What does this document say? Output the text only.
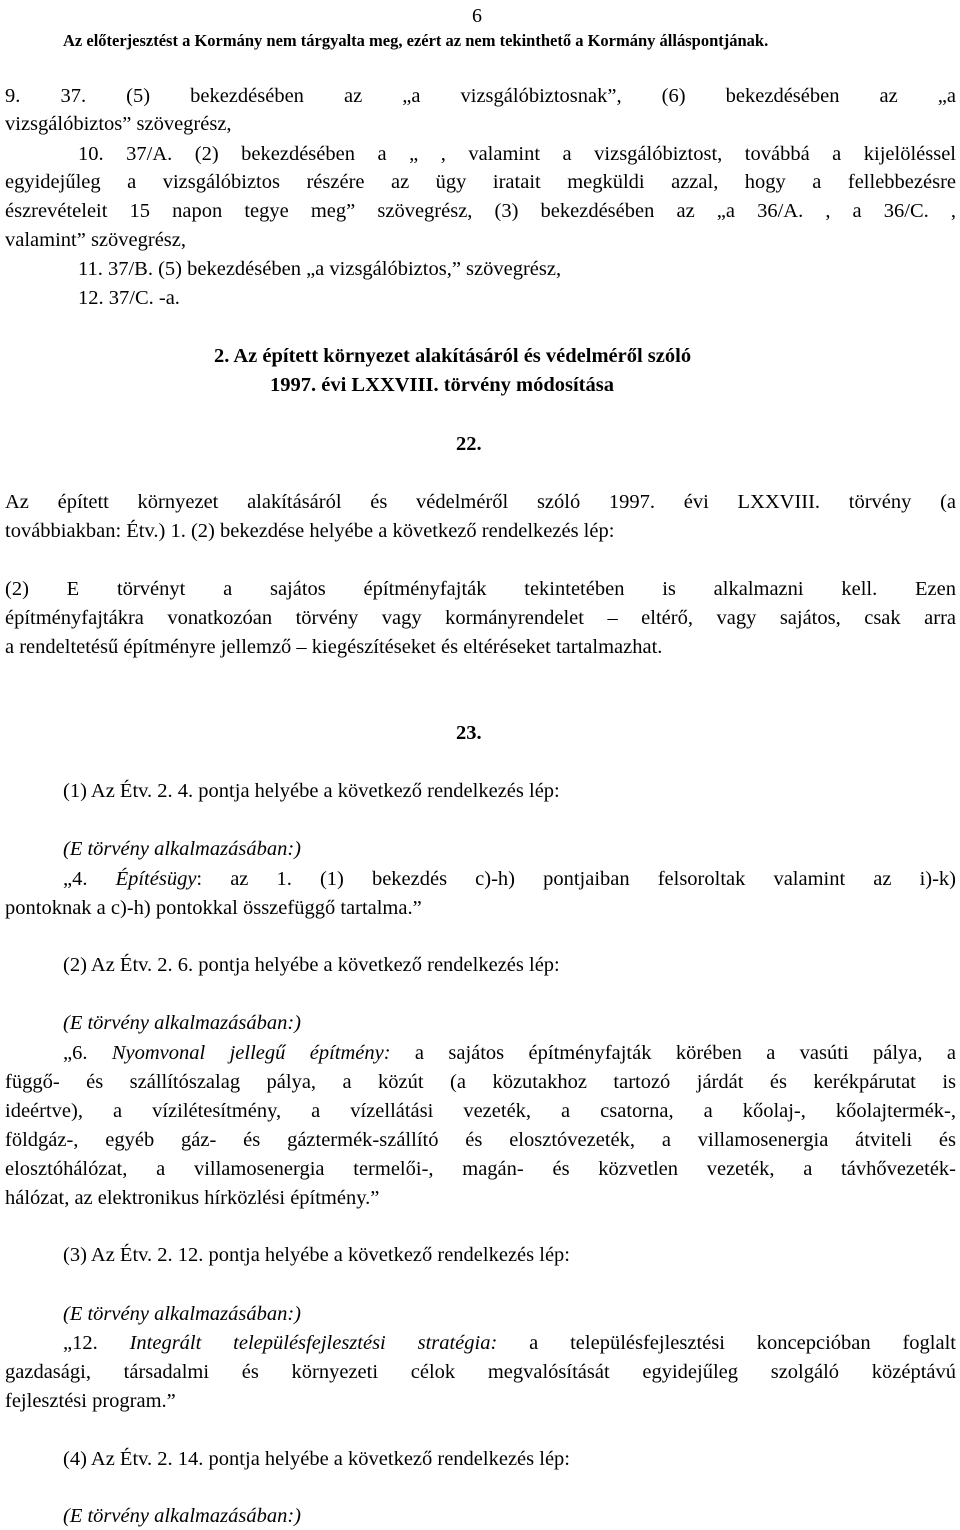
6
Az előterjesztést a Kormány nem tárgyalta meg, ezért az nem tekinthető a Kormány álláspontjának.
9. 37. (5) bekezdésében az „a vizsgálóbiztosnak”, (6) bekezdésében az „a
vizsgálóbiztos” szövegrész,
10. 37/A. (2) bekezdésében a „ , valamint a vizsgálóbiztost, továbbá a kijelöléssel
egyidejűleg a vizsgálóbiztos részére az ügy iratait megküldi azzal, hogy a fellebbezésre
észrevételeit 15 napon tegye meg” szövegrész, (3) bekezdésében az „a 36/A. , a 36/C. ,
valamint” szövegrész,
11. 37/B. (5) bekezdésében „a vizsgálóbiztos,” szövegrész,
12. 37/C. -a.
2. Az épített környezet alakításáról és védelméről szóló
1997. évi LXXVIII. törvény módosítása
22.
Az épített környezet alakításáról és védelméről szóló 1997. évi LXXVIII. törvény (a
továbbiakban: Étv.) 1. (2) bekezdése helyébe a következő rendelkezés lép:
(2) E törvényt a sajátos építményfajták tekintetében is alkalmazni kell. Ezen
építményfajtákra vonatkozóan törvény vagy kormányrendelet – eltérő, vagy sajátos, csak arra
a rendeltetésű építményre jellemző – kiegészítéseket és eltéréseket tartalmazhat.
23.
(1) Az Étv. 2. 4. pontja helyébe a következő rendelkezés lép:
(E törvény alkalmazásában:)
„4. Építésügy: az 1. (1) bekezdés c)-h) pontjaiban felsoroltak valamint az i)-k)
pontoknak a c)-h) pontokkal összefüggő tartalma.”
(2) Az Étv. 2. 6. pontja helyébe a következő rendelkezés lép:
(E törvény alkalmazásában:)
„6. Nyomvonal jellegű építmény: a sajátos építményfajták körében a vasúti pálya, a
függő- és szállítószalag pálya, a közút (a közutakhoz tartozó járdát és kerékpárutat is
ideértve), a vízilétesítmény, a vízellátási vezeték, a csatorna, a kőolaj-, kőolajtermék-,
földgáz-, egyéb gáz- és gáztermék-szállító és elosztóvezeték, a villamosenergia átviteli és
elosztóhálózat, a villamosenergia termelői-, magán- és közvetlen vezeték, a távhővezeték-
hálózat, az elektronikus hírközlési építmény.”
(3) Az Étv. 2. 12. pontja helyébe a következő rendelkezés lép:
(E törvény alkalmazásában:)
„12. Integrált településfejlesztési stratégia: a településfejlesztési koncepcióban foglalt
gazdasági, társadalmi és környezeti célok megvalósítását egyidejűleg szolgáló középtávú
fejlesztési program.”
(4) Az Étv. 2. 14. pontja helyébe a következő rendelkezés lép:
(E törvény alkalmazásában:)
